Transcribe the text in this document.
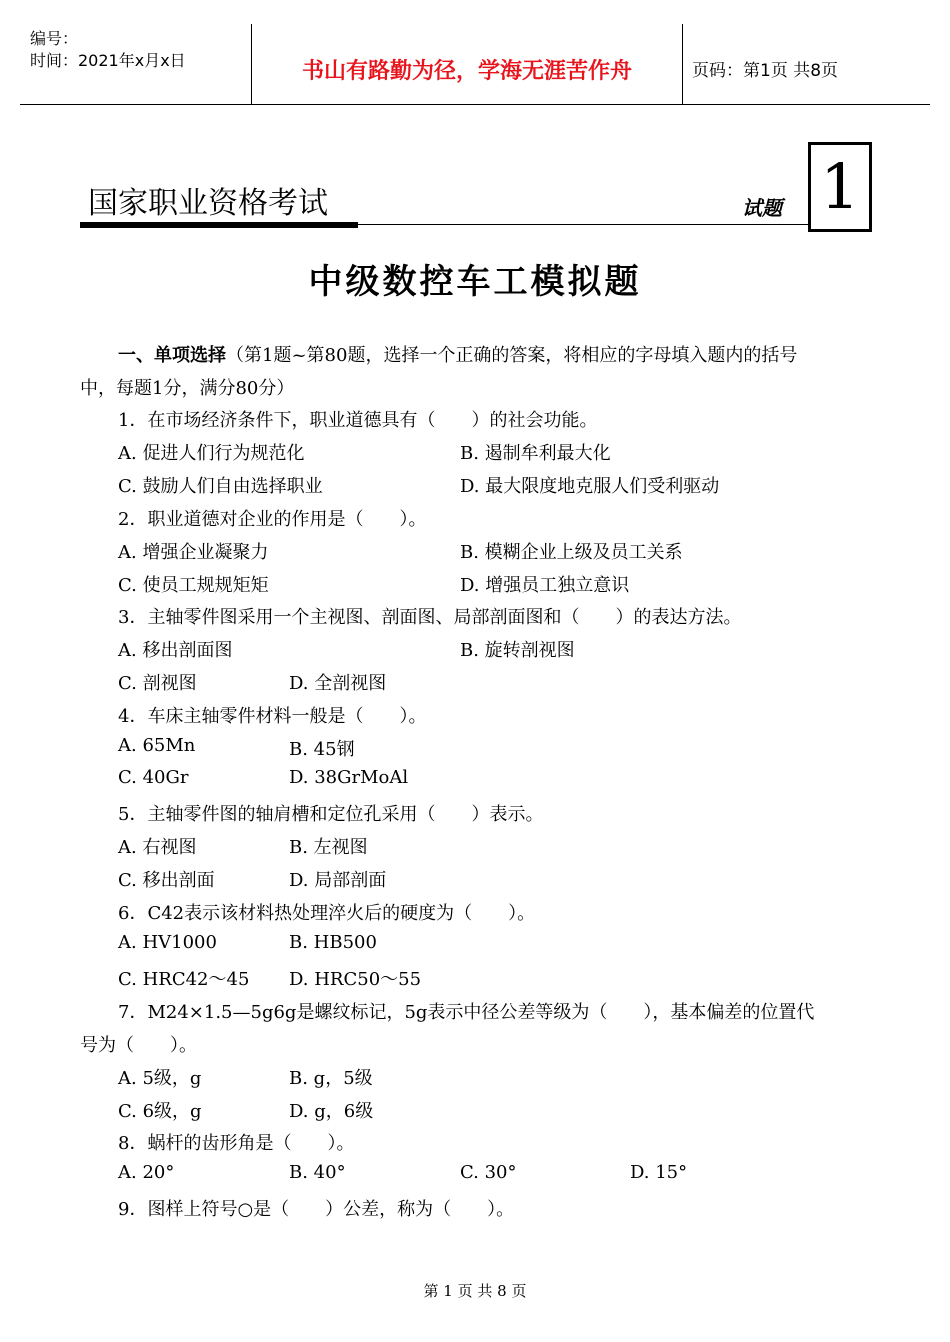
编号：
时间：2021年x月x日	书山有路勤为径，学海无涯苦作舟	页码：第1页 共8页
国家职业资格考试	试题 1
中级数控车工模拟题
一、单项选择（第1题~第80题，选择一个正确的答案，将相应的字母填入题内的括号
中，每题1分，满分80分）
1．在市场经济条件下，职业道德具有（　　）的社会功能。
A. 促进人们行为规范化	B. 遏制牟利最大化
C. 鼓励人们自由选择职业	D. 最大限度地克服人们受利驱动
2．职业道德对企业的作用是（　　）。
A. 增强企业凝聚力	B. 模糊企业上级及员工关系
C. 使员工规规矩矩	D. 增强员工独立意识
3．主轴零件图采用一个主视图、剖面图、局部剖面图和（　　）的表达方法。
A. 移出剖面图	B. 旋转剖视图
C. 剖视图	D. 全剖视图
4．车床主轴零件材料一般是（　　）。
A. 65Mn	B. 45钢
C. 40Gr	D. 38GrMoAl
5．主轴零件图的轴肩槽和定位孔采用（　　）表示。
A. 右视图	B. 左视图
C. 移出剖面	D. 局部剖面
6．C42表示该材料热处理淬火后的硬度为（　　）。
A. HV1000	B. HB500
C. HRC42～45 D. HRC50～55
7．M24×1.5—5g6g是螺纹标记，5g表示中径公差等级为（　　），基本偏差的位置代
号为（　　）。
A. 5级，g	B. g，5级
C. 6级，g	D. g，6级
8．蜗杆的齿形角是（　　）。
A. 20°	B. 40°	C. 30°	D. 15°
9．图样上符号○是（　　）公差，称为（　　）。
第 1 页 共 8 页
